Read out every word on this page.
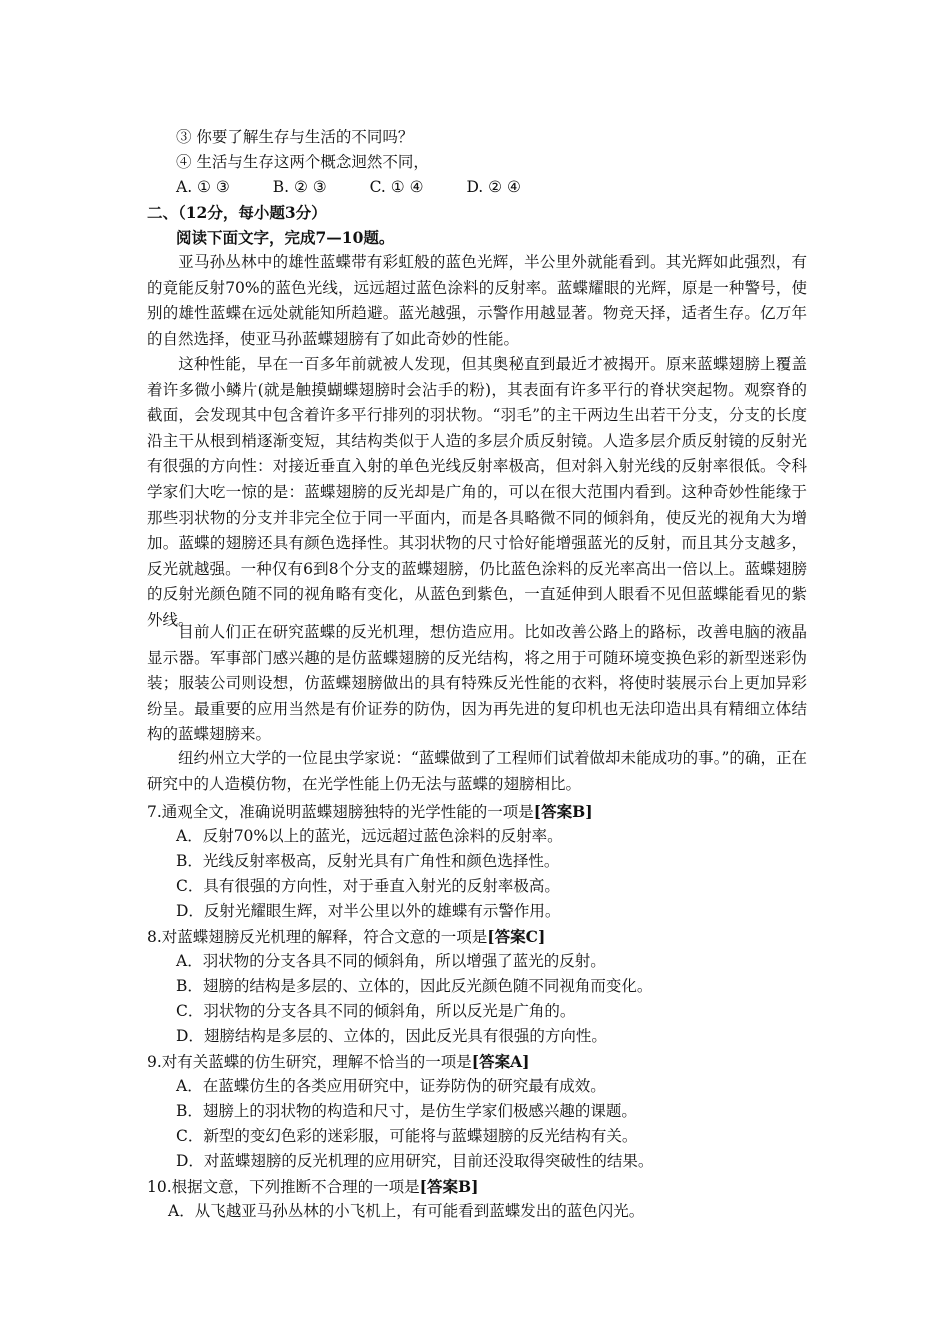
③ 你要了解生存与生活的不同吗？
④ 生活与生存这两个概念迥然不同，
A. ① ③	B. ② ③	C. ① ④	D. ② ④
二、（12分，每小题3分）
阅读下面文字，完成7—10题。
亚马孙丛林中的雄性蓝蝶带有彩虹般的蓝色光辉，半公里外就能看到。其光辉如此强烈，有的竟能反射70%的蓝色光线，远远超过蓝色涂料的反射率。蓝蝶耀眼的光辉，原是一种警号，使别的雄性蓝蝶在远处就能知所趋避。蓝光越强，示警作用越显著。物竞天择，适者生存。亿万年的自然选择，使亚马孙蓝蝶翅膀有了如此奇妙的性能。
这种性能，早在一百多年前就被人发现，但其奥秘直到最近才被揭开。原来蓝蝶翅膀上覆盖着许多微小鳞片(就是触摸蝴蝶翅膀时会沾手的粉)，其表面有许多平行的脊状突起物。观察脊的截面，会发现其中包含着许多平行排列的羽状物。“羽毛”的主干两边生出若干分支，分支的长度沿主干从根到梢逐渐变短，其结构类似于人造的多层介质反射镜。人造多层介质反射镜的反射光有很强的方向性：对接近垂直入射的单色光线反射率极高，但对斜入射光线的反射率很低。令科学家们大吃一惊的是：蓝蝶翅膀的反光却是广角的，可以在很大范围内看到。这种奇妙性能缘于那些羽状物的分支并非完全位于同一平面内，而是各具略微不同的倾斜角，使反光的视角大为增加。蓝蝶的翅膀还具有颜色选择性。其羽状物的尺寸恰好能增强蓝光的反射，而且其分支越多，反光就越强。一种仅有6到8个分支的蓝蝶翅膀，仍比蓝色涂料的反光率高出一倍以上。蓝蝶翅膀的反射光颜色随不同的视角略有变化，从蓝色到紫色，一直延伸到人眼看不见但蓝蝶能看见的紫外线。
目前人们正在研究蓝蝶的反光机理，想仿造应用。比如改善公路上的路标，改善电脑的液晶显示器。军事部门感兴趣的是仿蓝蝶翅膀的反光结构，将之用于可随环境变换色彩的新型迷彩伪装；服装公司则设想，仿蓝蝶翅膀做出的具有特殊反光性能的衣料，将使时装展示台上更加异彩纷呈。最重要的应用当然是有价证券的防伪，因为再先进的复印机也无法印造出具有精细立体结构的蓝蝶翅膀来。
纽约州立大学的一位昆虫学家说：“蓝蝶做到了工程师们试着做却未能成功的事。”的确，正在研究中的人造模仿物，在光学性能上仍无法与蓝蝶的翅膀相比。
7.通观全文，准确说明蓝蝶翅膀独特的光学性能的一项是[答案B]
A．反射70%以上的蓝光，远远超过蓝色涂料的反射率。
B．光线反射率极高，反射光具有广角性和颜色选择性。
C．具有很强的方向性，对于垂直入射光的反射率极高。
D．反射光耀眼生辉，对半公里以外的雄蝶有示警作用。
8.对蓝蝶翅膀反光机理的解释，符合文意的一项是[答案C]
A．羽状物的分支各具不同的倾斜角，所以增强了蓝光的反射。
B．翅膀的结构是多层的、立体的，因此反光颜色随不同视角而变化。
C．羽状物的分支各具不同的倾斜角，所以反光是广角的。
D．翅膀结构是多层的、立体的，因此反光具有很强的方向性。
9.对有关蓝蝶的仿生研究，理解不恰当的一项是[答案A]
A．在蓝蝶仿生的各类应用研究中，证券防伪的研究最有成效。
B．翅膀上的羽状物的构造和尺寸，是仿生学家们极感兴趣的课题。
C．新型的变幻色彩的迷彩服，可能将与蓝蝶翅膀的反光结构有关。
D．对蓝蝶翅膀的反光机理的应用研究，目前还没取得突破性的结果。
10.根据文意，下列推断不合理的一项是[答案B]
A．从飞越亚马孙丛林的小飞机上，有可能看到蓝蝶发出的蓝色闪光。
